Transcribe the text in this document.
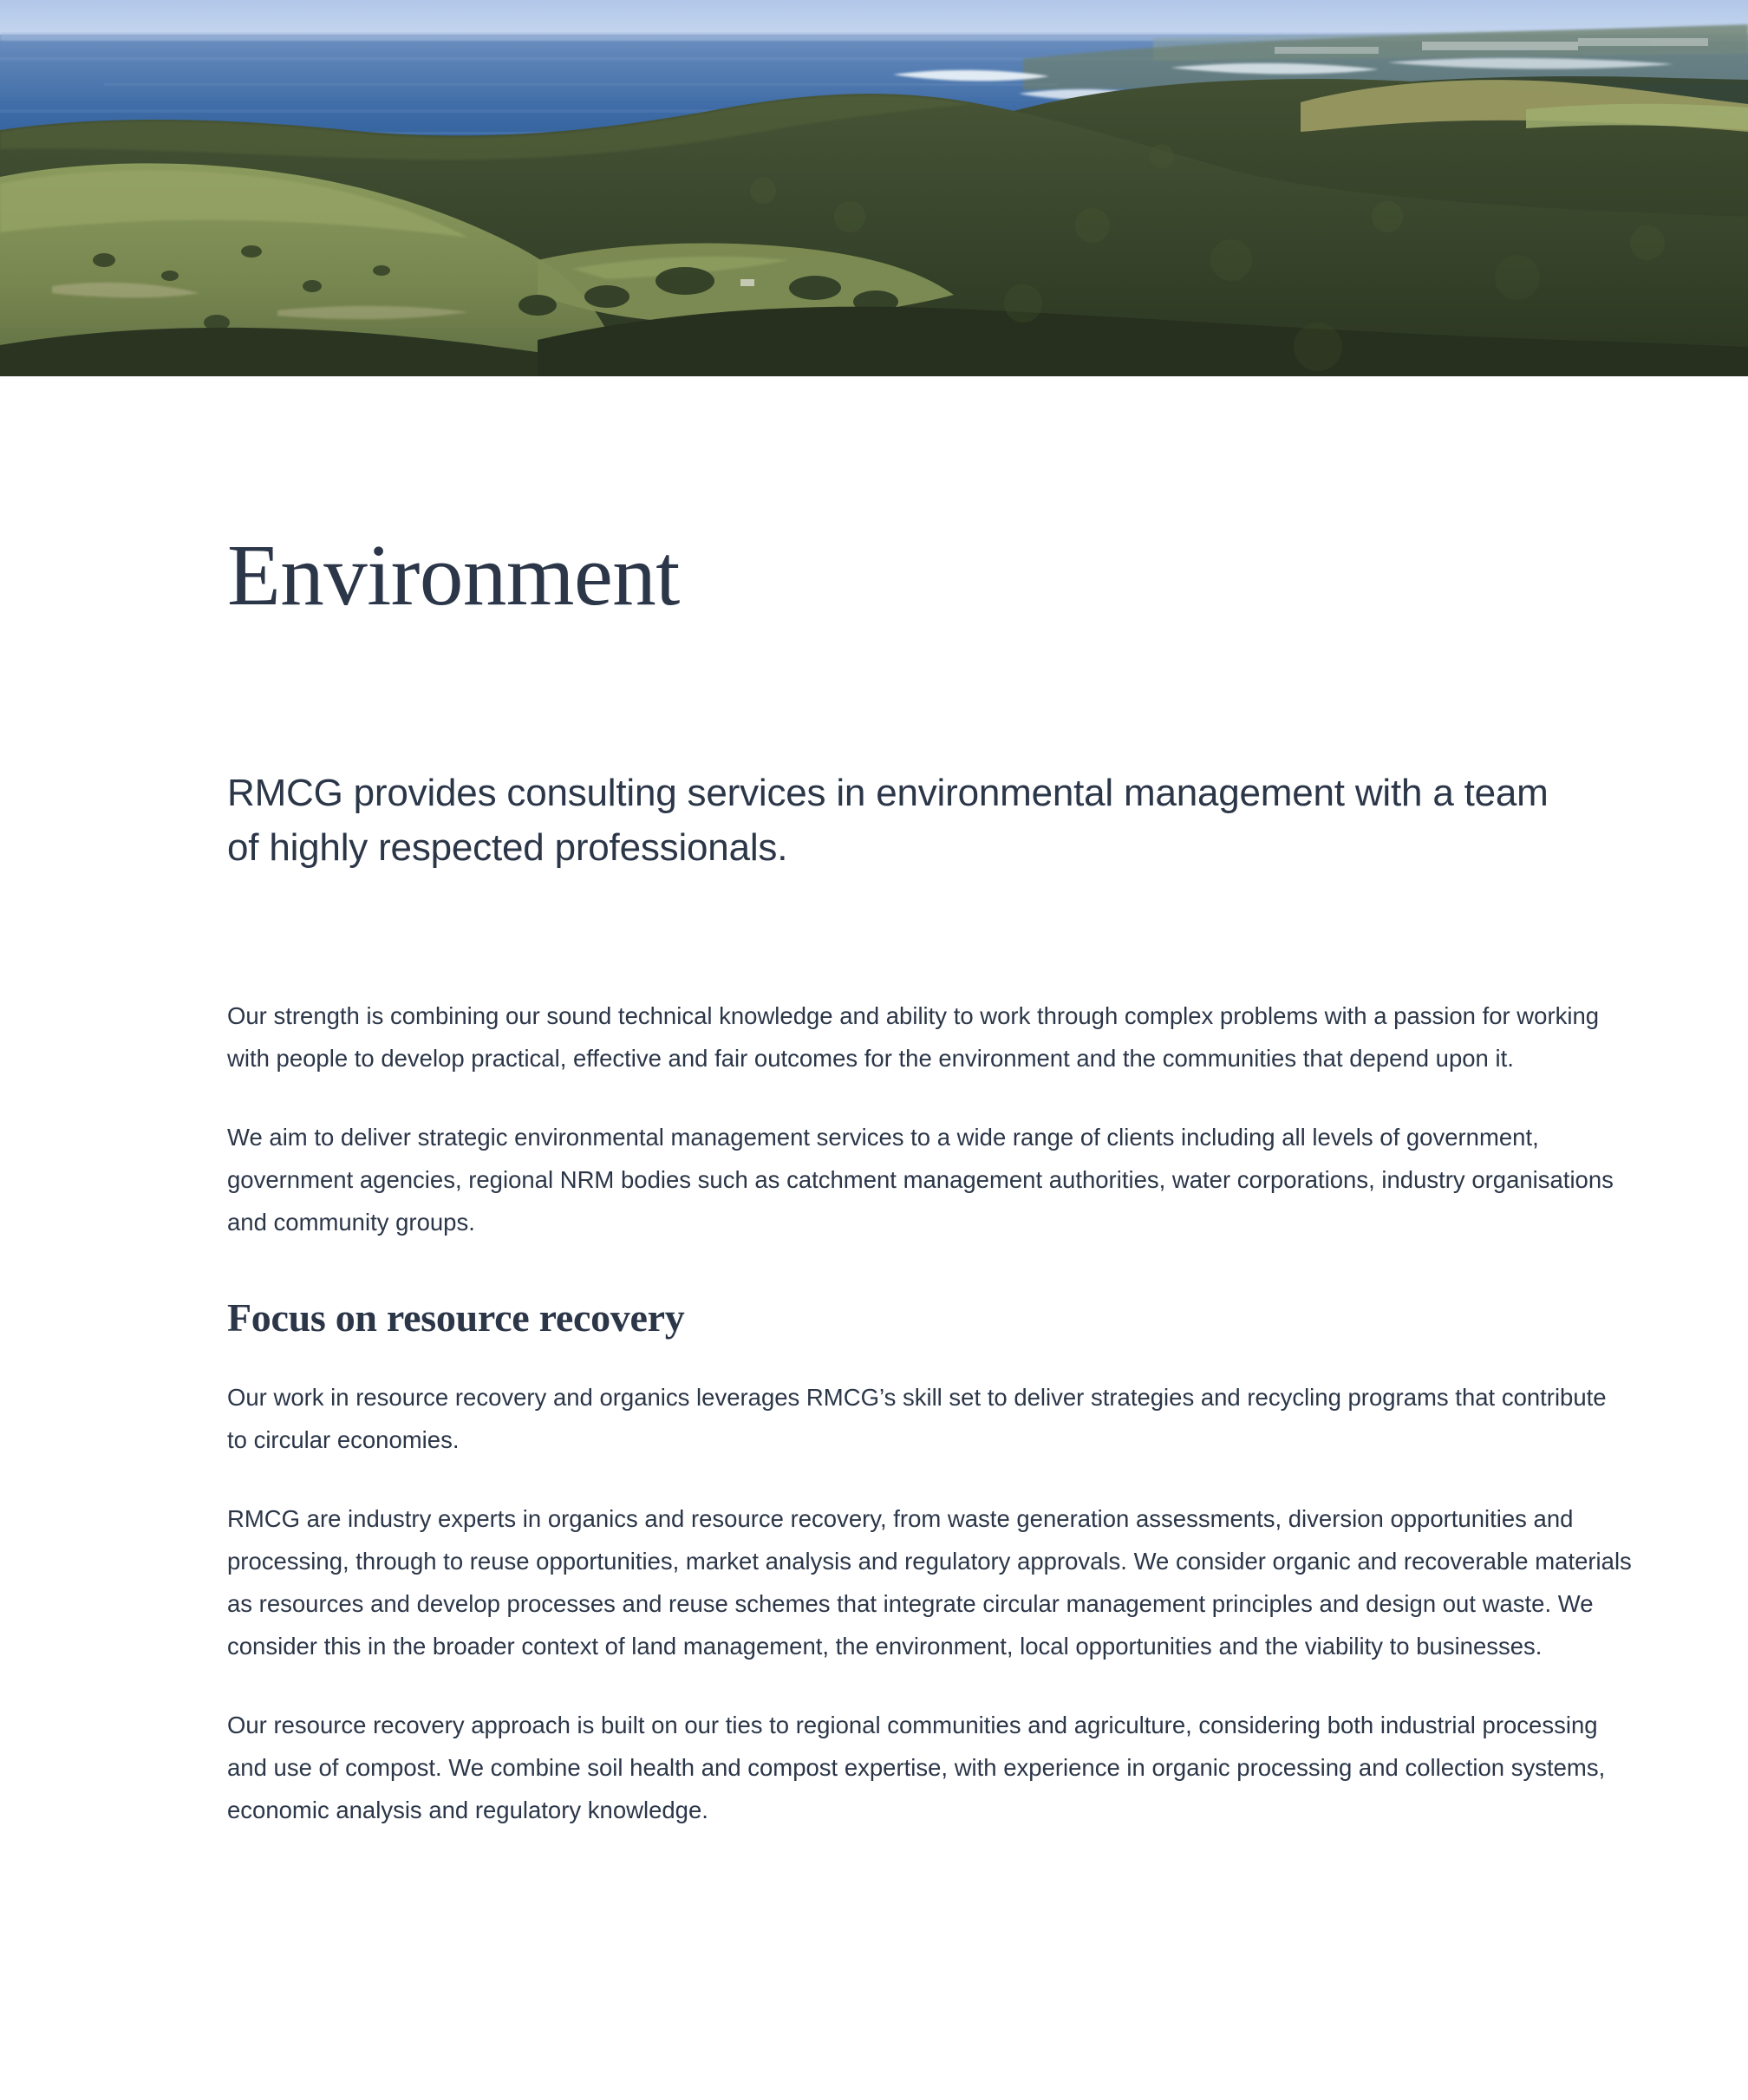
Environment

RMCG provides consulting services in environmental management with a team of highly respected professionals.

Our strength is combining our sound technical knowledge and ability to work through complex problems with a passion for working with people to develop practical, effective and fair outcomes for the environment and the communities that depend upon it.

We aim to deliver strategic environmental management services to a wide range of clients including all levels of government, government agencies, regional NRM bodies such as catchment management authorities, water corporations, industry organisations and community groups.

Focus on resource recovery

Our work in resource recovery and organics leverages RMCG’s skill set to deliver strategies and recycling programs that contribute to circular economies.

RMCG are industry experts in organics and resource recovery, from waste generation assessments, diversion opportunities and processing, through to reuse opportunities, market analysis and regulatory approvals. We consider organic and recoverable materials as resources and develop processes and reuse schemes that integrate circular management principles and design out waste. We consider this in the broader context of land management, the environment, local opportunities and the viability to businesses.

Our resource recovery approach is built on our ties to regional communities and agriculture, considering both industrial processing and use of compost. We combine soil health and compost expertise, with experience in organic processing and collection systems, economic analysis and regulatory knowledge.
